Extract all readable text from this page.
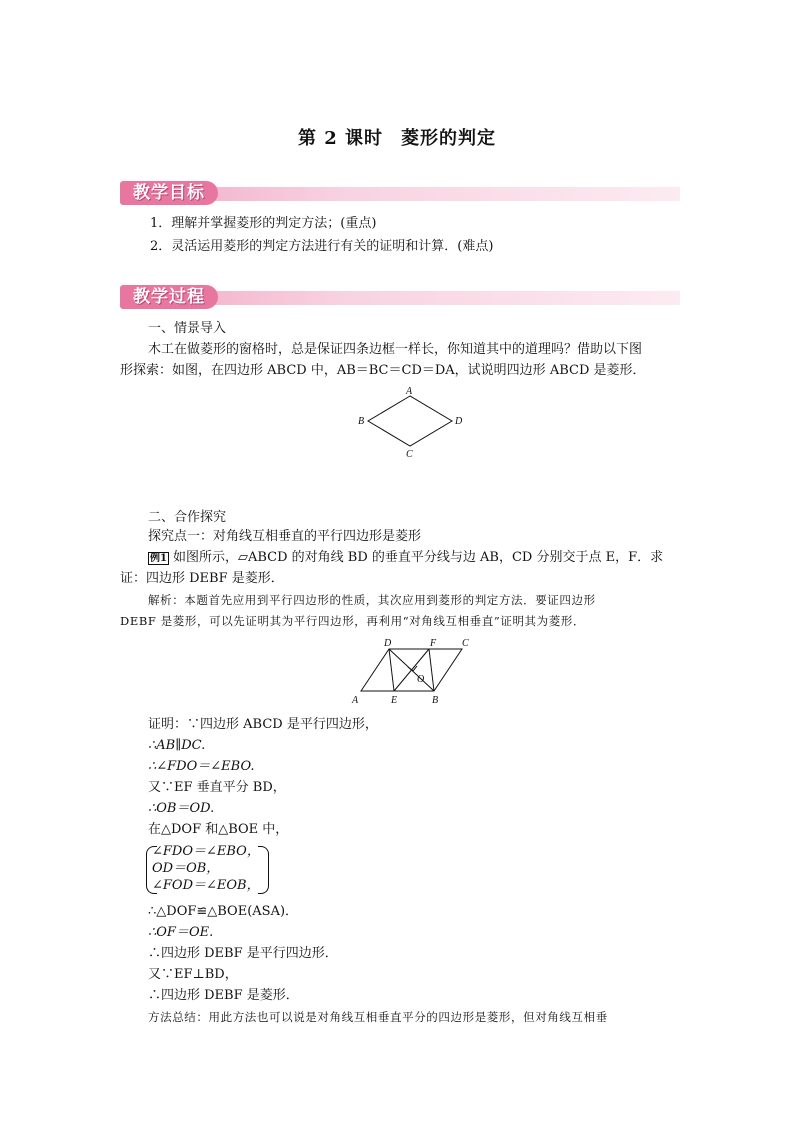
第 2 课时 菱形的判定
教学目标
1．理解并掌握菱形的判定方法；(重点)
2．灵活运用菱形的判定方法进行有关的证明和计算．(难点)
教学过程
一、情景导入
木工在做菱形的窗格时，总是保证四条边框一样长，你知道其中的道理吗？借助以下图
形探索：如图，在四边形 ABCD 中，AB＝BC＝CD＝DA，试说明四边形 ABCD 是菱形．
A
B
C
D
二、合作探究
探究点一：对角线互相垂直的平行四边形是菱形
例1 如图所示，▱ABCD 的对角线 BD 的垂直平分线与边 AB，CD 分别交于点 E，F．求
证：四边形 DEBF 是菱形．
解析：本题首先应用到平行四边形的性质，其次应用到菱形的判定方法．要证四边形
DEBF 是菱形，可以先证明其为平行四边形，再利用“对角线互相垂直”证明其为菱形．
D	F	C
O
A	E	B
证明：∵四边形 ABCD 是平行四边形，
∴AB∥DC.
∴∠FDO＝∠EBO.
又∵EF 垂直平分 BD，
∴OB＝OD.
在△DOF 和△BOE 中，
∠FDO＝∠EBO，
OD＝OB，
∠FOD＝∠EOB，
∴△DOF≌△BOE(ASA)．
∴OF＝OE.
∴四边形 DEBF 是平行四边形．
又∵EF⊥BD，
∴四边形 DEBF 是菱形．
方法总结：用此方法也可以说是对角线互相垂直平分的四边形是菱形，但对角线互相垂
